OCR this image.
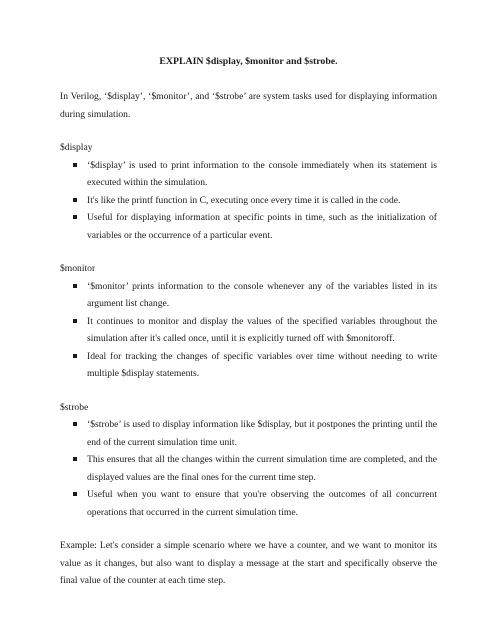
EXPLAIN $display, $monitor and $strobe.
In Verilog, ‘$display’, ‘$monitor’, and ‘$strobe’ are system tasks used for displaying information during simulation.
$display
‘$display’ is used to print information to the console immediately when its statement is executed within the simulation.
It's like the printf function in C, executing once every time it is called in the code.
Useful for displaying information at specific points in time, such as the initialization of variables or the occurrence of a particular event.
$monitor
‘$monitor’ prints information to the console whenever any of the variables listed in its argument list change.
It continues to monitor and display the values of the specified variables throughout the simulation after it's called once, until it is explicitly turned off with $monitoroff.
Ideal for tracking the changes of specific variables over time without needing to write multiple $display statements.
$strobe
‘$strobe’ is used to display information like $display, but it postpones the printing until the end of the current simulation time unit.
This ensures that all the changes within the current simulation time are completed, and the displayed values are the final ones for the current time step.
Useful when you want to ensure that you're observing the outcomes of all concurrent operations that occurred in the current simulation time.
Example: Let's consider a simple scenario where we have a counter, and we want to monitor its value as it changes, but also want to display a message at the start and specifically observe the final value of the counter at each time step.
